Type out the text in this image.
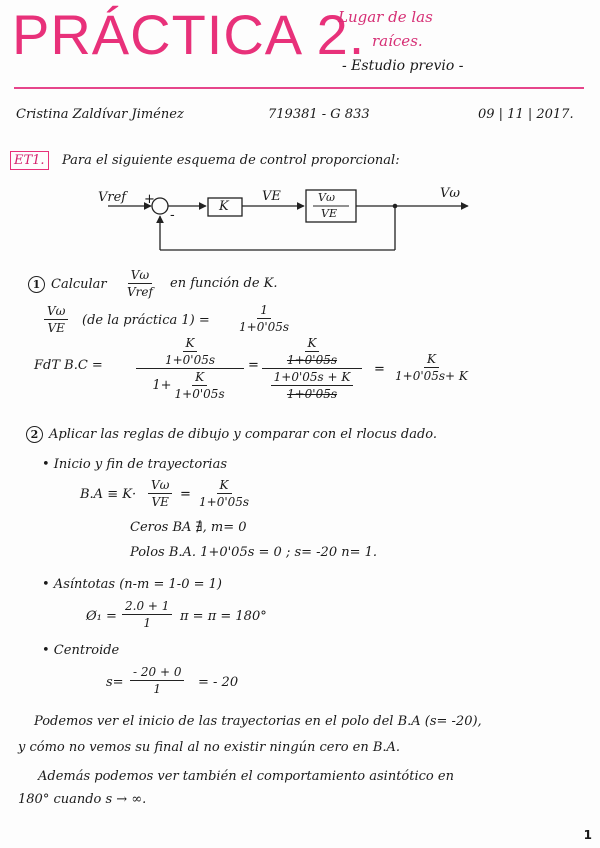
PRÁCTICA 2.
Lugar de las
raíces.
- Estudio previo -
Cristina Zaldívar Jiménez	719381 - G 833	09 | 11 | 2017.
ET1.	Para el siguiente esquema de control proporcional:
Vref +
-
K
VE	Vω
VE
Vω
1 Calcular
Vω
Vref
en función de K.
$\frac{V\omega}{VE} (de$ la práctica $1) = \frac{1}{1+0'05s}$
FdT B.C =
K
1+0'05s
$1+ \frac{K}{1+0'05s}$
=
K
1+0'05s
1+0'05s + K
1+0'05s
= $\frac{K}{1+0'05s+ K}$
2 Aplicar las reglas de dibujo y comparar con el rlocus dado.
• Inicio y fin de trayectorias
$B.A \equiv K\cdot \frac{V\omega}{VE} = \frac{K}{1+0'05s}$
Ceros BA ∄, m= 0
Polos B.A. 1+0'05s = 0 ; s= -20 n= 1.
• Asíntotas (n-m = 1-0 = 1)
Ø₁ = $\frac{2.0 + 1}{1}$ π = π = 180°
• Centroide
$s= \frac{- 20 + 0}{1}$ = - 20
Podemos ver el inicio de las trayectorias en el polo del B.A (s= -20),
y cómo no vemos su final al no existir ningún cero en B.A.
Además podemos ver también el comportamiento asintótico en
180° cuando s → ∞.
1
